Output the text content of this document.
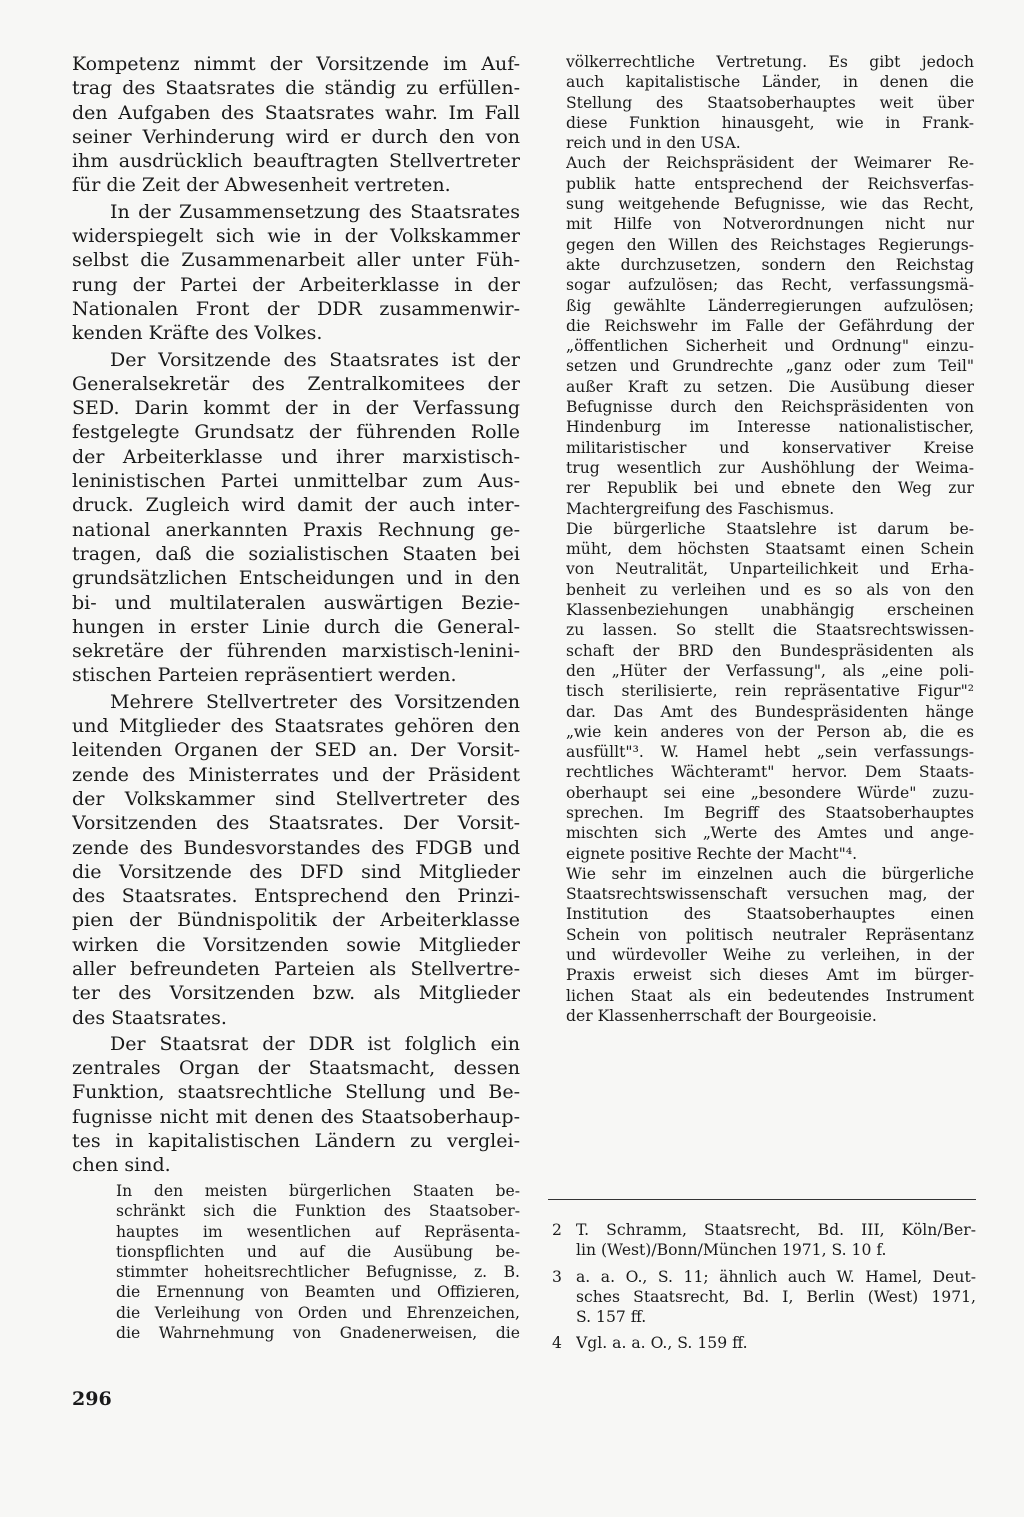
Kompetenz nimmt der Vorsitzende im Auf-
trag des Staatsrates die ständig zu erfüllen-
den Aufgaben des Staatsrates wahr. Im Fall
seiner Verhinderung wird er durch den von
ihm ausdrücklich beauftragten Stellvertreter
für die Zeit der Abwesenheit vertreten.
In der Zusammensetzung des Staatsrates
widerspiegelt sich wie in der Volkskammer
selbst die Zusammenarbeit aller unter Füh-
rung der Partei der Arbeiterklasse in der
Nationalen Front der DDR zusammenwir-
kenden Kräfte des Volkes.
Der Vorsitzende des Staatsrates ist der
Generalsekretär des Zentralkomitees der
SED. Darin kommt der in der Verfassung
festgelegte Grundsatz der führenden Rolle
der Arbeiterklasse und ihrer marxistisch-
leninistischen Partei unmittelbar zum Aus-
druck. Zugleich wird damit der auch inter-
national anerkannten Praxis Rechnung ge-
tragen, daß die sozialistischen Staaten bei
grundsätzlichen Entscheidungen und in den
bi- und multilateralen auswärtigen Bezie-
hungen in erster Linie durch die General-
sekretäre der führenden marxistisch-lenini-
stischen Parteien repräsentiert werden.
Mehrere Stellvertreter des Vorsitzenden
und Mitglieder des Staatsrates gehören den
leitenden Organen der SED an. Der Vorsit-
zende des Ministerrates und der Präsident
der Volkskammer sind Stellvertreter des
Vorsitzenden des Staatsrates. Der Vorsit-
zende des Bundesvorstandes des FDGB und
die Vorsitzende des DFD sind Mitglieder
des Staatsrates. Entsprechend den Prinzi-
pien der Bündnispolitik der Arbeiterklasse
wirken die Vorsitzenden sowie Mitglieder
aller befreundeten Parteien als Stellvertre-
ter des Vorsitzenden bzw. als Mitglieder
des Staatsrates.
Der Staatsrat der DDR ist folglich ein
zentrales Organ der Staatsmacht, dessen
Funktion, staatsrechtliche Stellung und Be-
fugnisse nicht mit denen des Staatsoberhaup-
tes in kapitalistischen Ländern zu verglei-
chen sind.
In den meisten bürgerlichen Staaten be-
schränkt sich die Funktion des Staatsober-
hauptes im wesentlichen auf Repräsenta-
tionspflichten und auf die Ausübung be-
stimmter hoheitsrechtlicher Befugnisse, z. B.
die Ernennung von Beamten und Offizieren,
die Verleihung von Orden und Ehrenzeichen,
die Wahrnehmung von Gnadenerweisen, die
völkerrechtliche Vertretung. Es gibt jedoch
auch kapitalistische Länder, in denen die
Stellung des Staatsoberhauptes weit über
diese Funktion hinausgeht, wie in Frank-
reich und in den USA.
Auch der Reichspräsident der Weimarer Re-
publik hatte entsprechend der Reichsverfas-
sung weitgehende Befugnisse, wie das Recht,
mit Hilfe von Notverordnungen nicht nur
gegen den Willen des Reichstages Regierungs-
akte durchzusetzen, sondern den Reichstag
sogar aufzulösen; das Recht, verfassungsmä-
ßig gewählte Länderregierungen aufzulösen;
die Reichswehr im Falle der Gefährdung der
„öffentlichen Sicherheit und Ordnung" einzu-
setzen und Grundrechte „ganz oder zum Teil"
außer Kraft zu setzen. Die Ausübung dieser
Befugnisse durch den Reichspräsidenten von
Hindenburg im Interesse nationalistischer,
militaristischer und konservativer Kreise
trug wesentlich zur Aushöhlung der Weima-
rer Republik bei und ebnete den Weg zur
Machtergreifung des Faschismus.
Die bürgerliche Staatslehre ist darum be-
müht, dem höchsten Staatsamt einen Schein
von Neutralität, Unparteilichkeit und Erha-
benheit zu verleihen und es so als von den
Klassenbeziehungen unabhängig erscheinen
zu lassen. So stellt die Staatsrechtswissen-
schaft der BRD den Bundespräsidenten als
den „Hüter der Verfassung", als „eine poli-
tisch sterilisierte, rein repräsentative Figur"²
dar. Das Amt des Bundespräsidenten hänge
„wie kein anderes von der Person ab, die es
ausfüllt"³. W. Hamel hebt „sein verfassungs-
rechtliches Wächteramt" hervor. Dem Staats-
oberhaupt sei eine „besondere Würde" zuzu-
sprechen. Im Begriff des Staatsoberhauptes
mischten sich „Werte des Amtes und ange-
eignete positive Rechte der Macht"⁴.
Wie sehr im einzelnen auch die bürgerliche
Staatsrechtswissenschaft versuchen mag, der
Institution des Staatsoberhauptes einen
Schein von politisch neutraler Repräsentanz
und würdevoller Weihe zu verleihen, in der
Praxis erweist sich dieses Amt im bürger-
lichen Staat als ein bedeutendes Instrument
der Klassenherrschaft der Bourgeoisie.
2 T. Schramm, Staatsrecht, Bd. III, Köln/Ber-
lin (West)/Bonn/München 1971, S. 10 f.
3 a. a. O., S. 11; ähnlich auch W. Hamel, Deut-
sches Staatsrecht, Bd. I, Berlin (West) 1971,
S. 157 ff.
4 Vgl. a. a. O., S. 159 ff.
296
